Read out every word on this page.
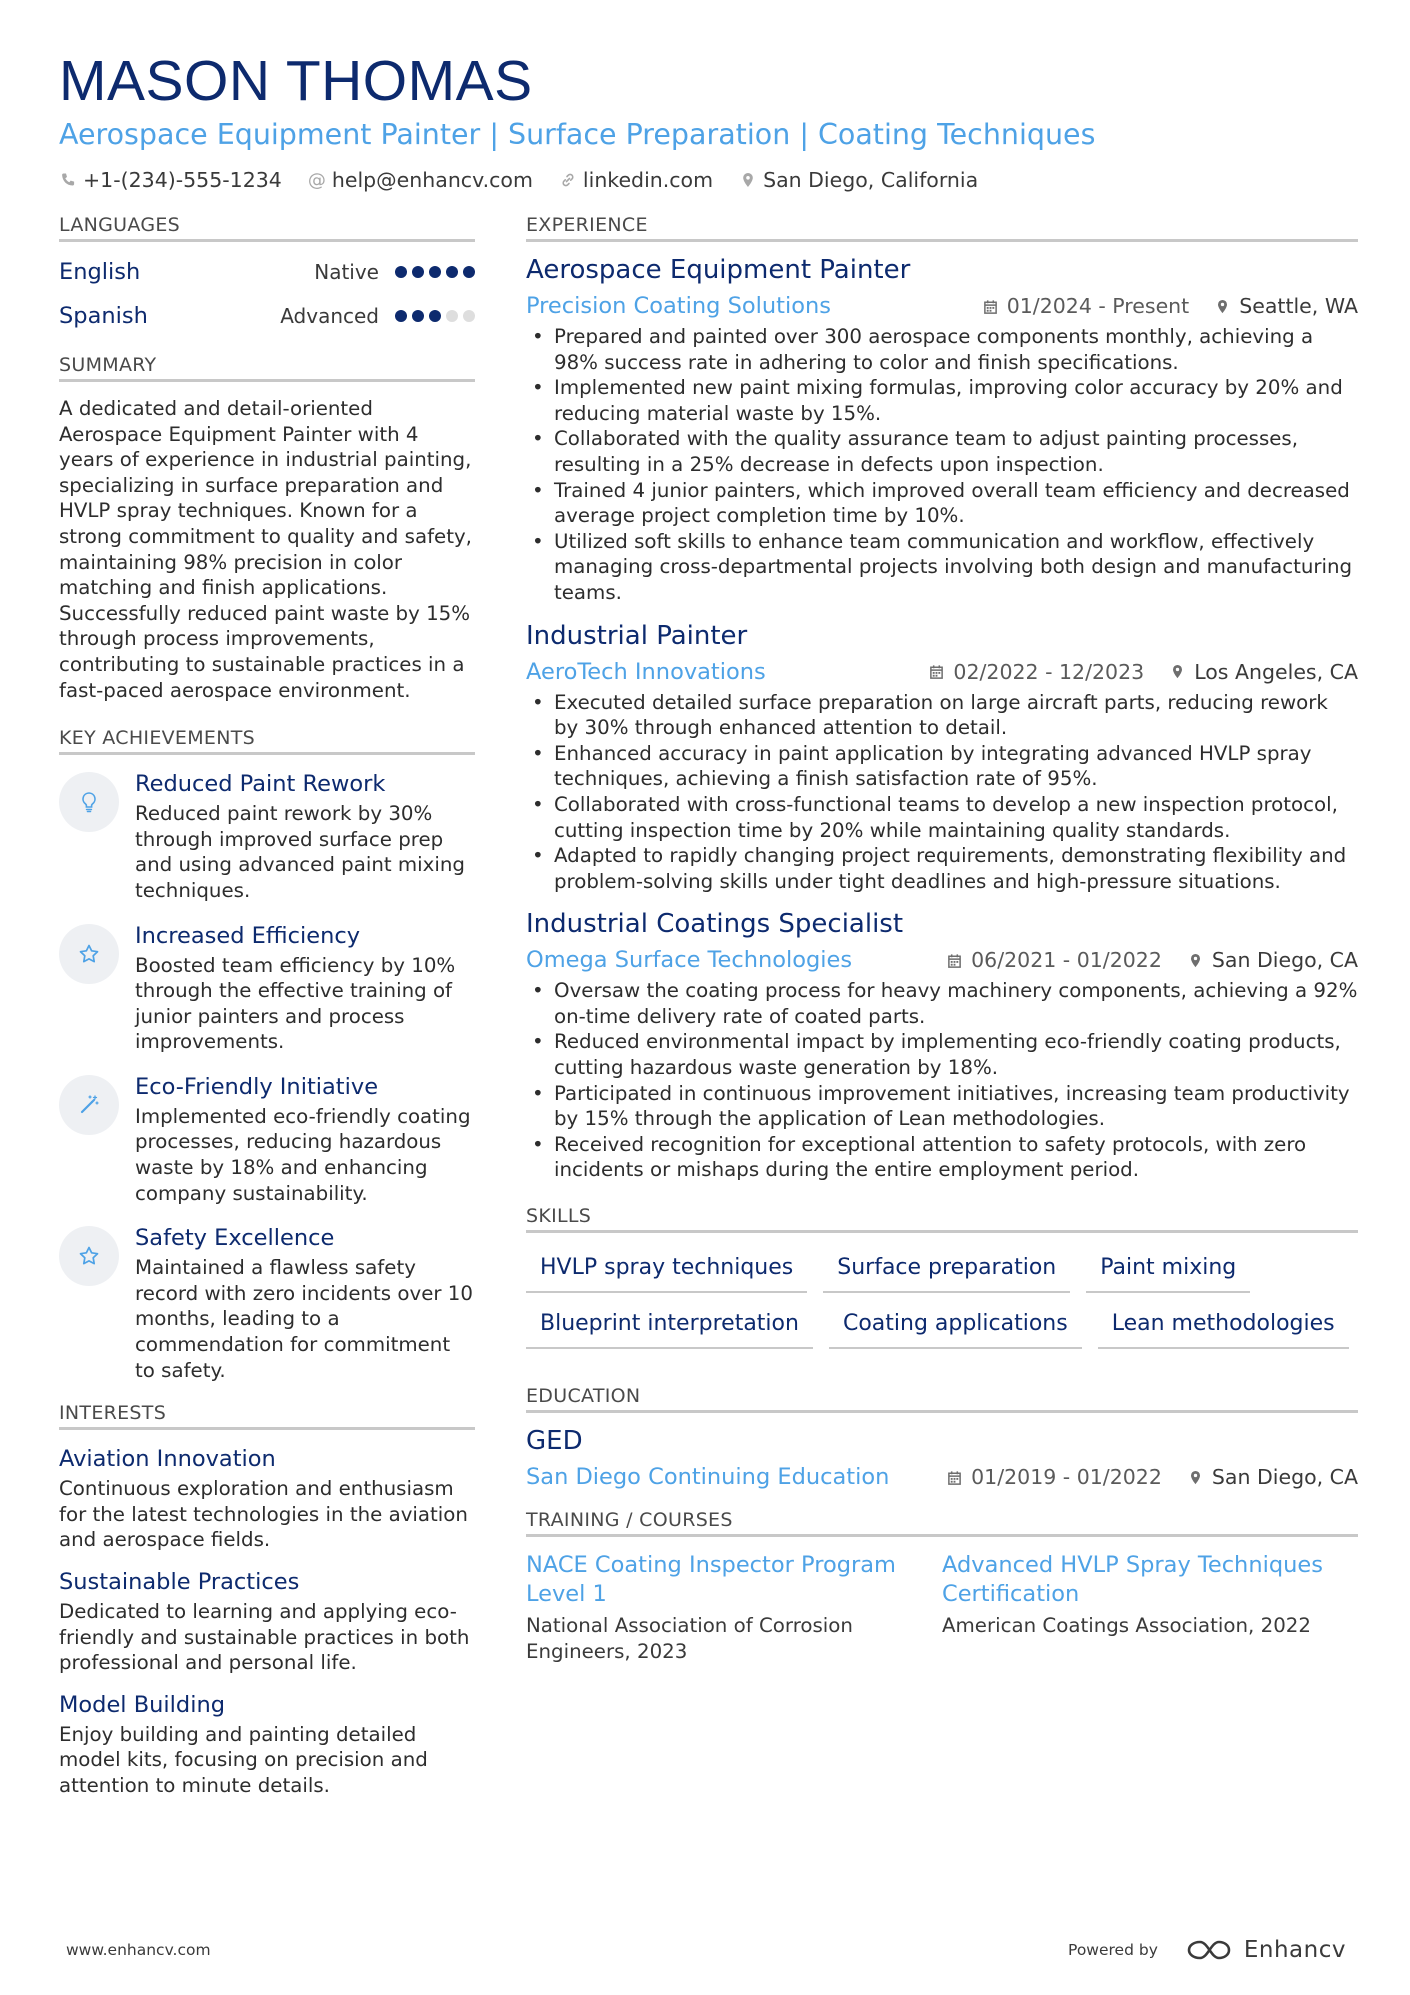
MASON THOMAS
Aerospace Equipment Painter | Surface Preparation | Coating Techniques
+1-(234)-555-1234 @ help@enhancv.com linkedin.com San Diego, California
LANGUAGES
English	Native
Spanish	Advanced
SUMMARY
A dedicated and detail-oriented Aerospace Equipment Painter with 4 years of experience in industrial painting, specializing in surface preparation and HVLP spray techniques. Known for a strong commitment to quality and safety, maintaining 98% precision in color matching and finish applications. Successfully reduced paint waste by 15% through process improvements, contributing to sustainable practices in a fast-paced aerospace environment.
KEY ACHIEVEMENTS
Reduced Paint Rework
Reduced paint rework by 30% through improved surface prep and using advanced paint mixing techniques.
Increased Efficiency
Boosted team efficiency by 10% through the effective training of junior painters and process improvements.
Eco-Friendly Initiative
Implemented eco-friendly coating processes, reducing hazardous waste by 18% and enhancing company sustainability.
Safety Excellence
Maintained a flawless safety record with zero incidents over 10 months, leading to a commendation for commitment to safety.
INTERESTS
Aviation Innovation
Continuous exploration and enthusiasm for the latest technologies in the aviation and aerospace fields.
Sustainable Practices
Dedicated to learning and applying eco-friendly and sustainable practices in both professional and personal life.
Model Building
Enjoy building and painting detailed model kits, focusing on precision and attention to minute details.
EXPERIENCE
Aerospace Equipment Painter
Precision Coating Solutions	01/2024 - Present Seattle, WA
• Prepared and painted over 300 aerospace components monthly, achieving a 98% success rate in adhering to color and finish specifications.
• Implemented new paint mixing formulas, improving color accuracy by 20% and reducing material waste by 15%.
• Collaborated with the quality assurance team to adjust painting processes, resulting in a 25% decrease in defects upon inspection.
• Trained 4 junior painters, which improved overall team efficiency and decreased average project completion time by 10%.
• Utilized soft skills to enhance team communication and workflow, effectively managing cross-departmental projects involving both design and manufacturing teams.
Industrial Painter
AeroTech Innovations	02/2022 - 12/2023 Los Angeles, CA
• Executed detailed surface preparation on large aircraft parts, reducing rework by 30% through enhanced attention to detail.
• Enhanced accuracy in paint application by integrating advanced HVLP spray techniques, achieving a finish satisfaction rate of 95%.
• Collaborated with cross-functional teams to develop a new inspection protocol, cutting inspection time by 20% while maintaining quality standards.
• Adapted to rapidly changing project requirements, demonstrating flexibility and problem-solving skills under tight deadlines and high-pressure situations.
Industrial Coatings Specialist
Omega Surface Technologies	06/2021 - 01/2022 San Diego, CA
• Oversaw the coating process for heavy machinery components, achieving a 92% on-time delivery rate of coated parts.
• Reduced environmental impact by implementing eco-friendly coating products, cutting hazardous waste generation by 18%.
• Participated in continuous improvement initiatives, increasing team productivity by 15% through the application of Lean methodologies.
• Received recognition for exceptional attention to safety protocols, with zero incidents or mishaps during the entire employment period.
SKILLS
HVLP spray techniques	Surface preparation	Paint mixing
Blueprint interpretation	Coating applications	Lean methodologies
EDUCATION
GED
San Diego Continuing Education	01/2019 - 01/2022 San Diego, CA
TRAINING / COURSES
NACE Coating Inspector Program Level 1
National Association of Corrosion Engineers, 2023
Advanced HVLP Spray Techniques Certification
American Coatings Association, 2022
www.enhancv.com	Powered by	Enhancv
